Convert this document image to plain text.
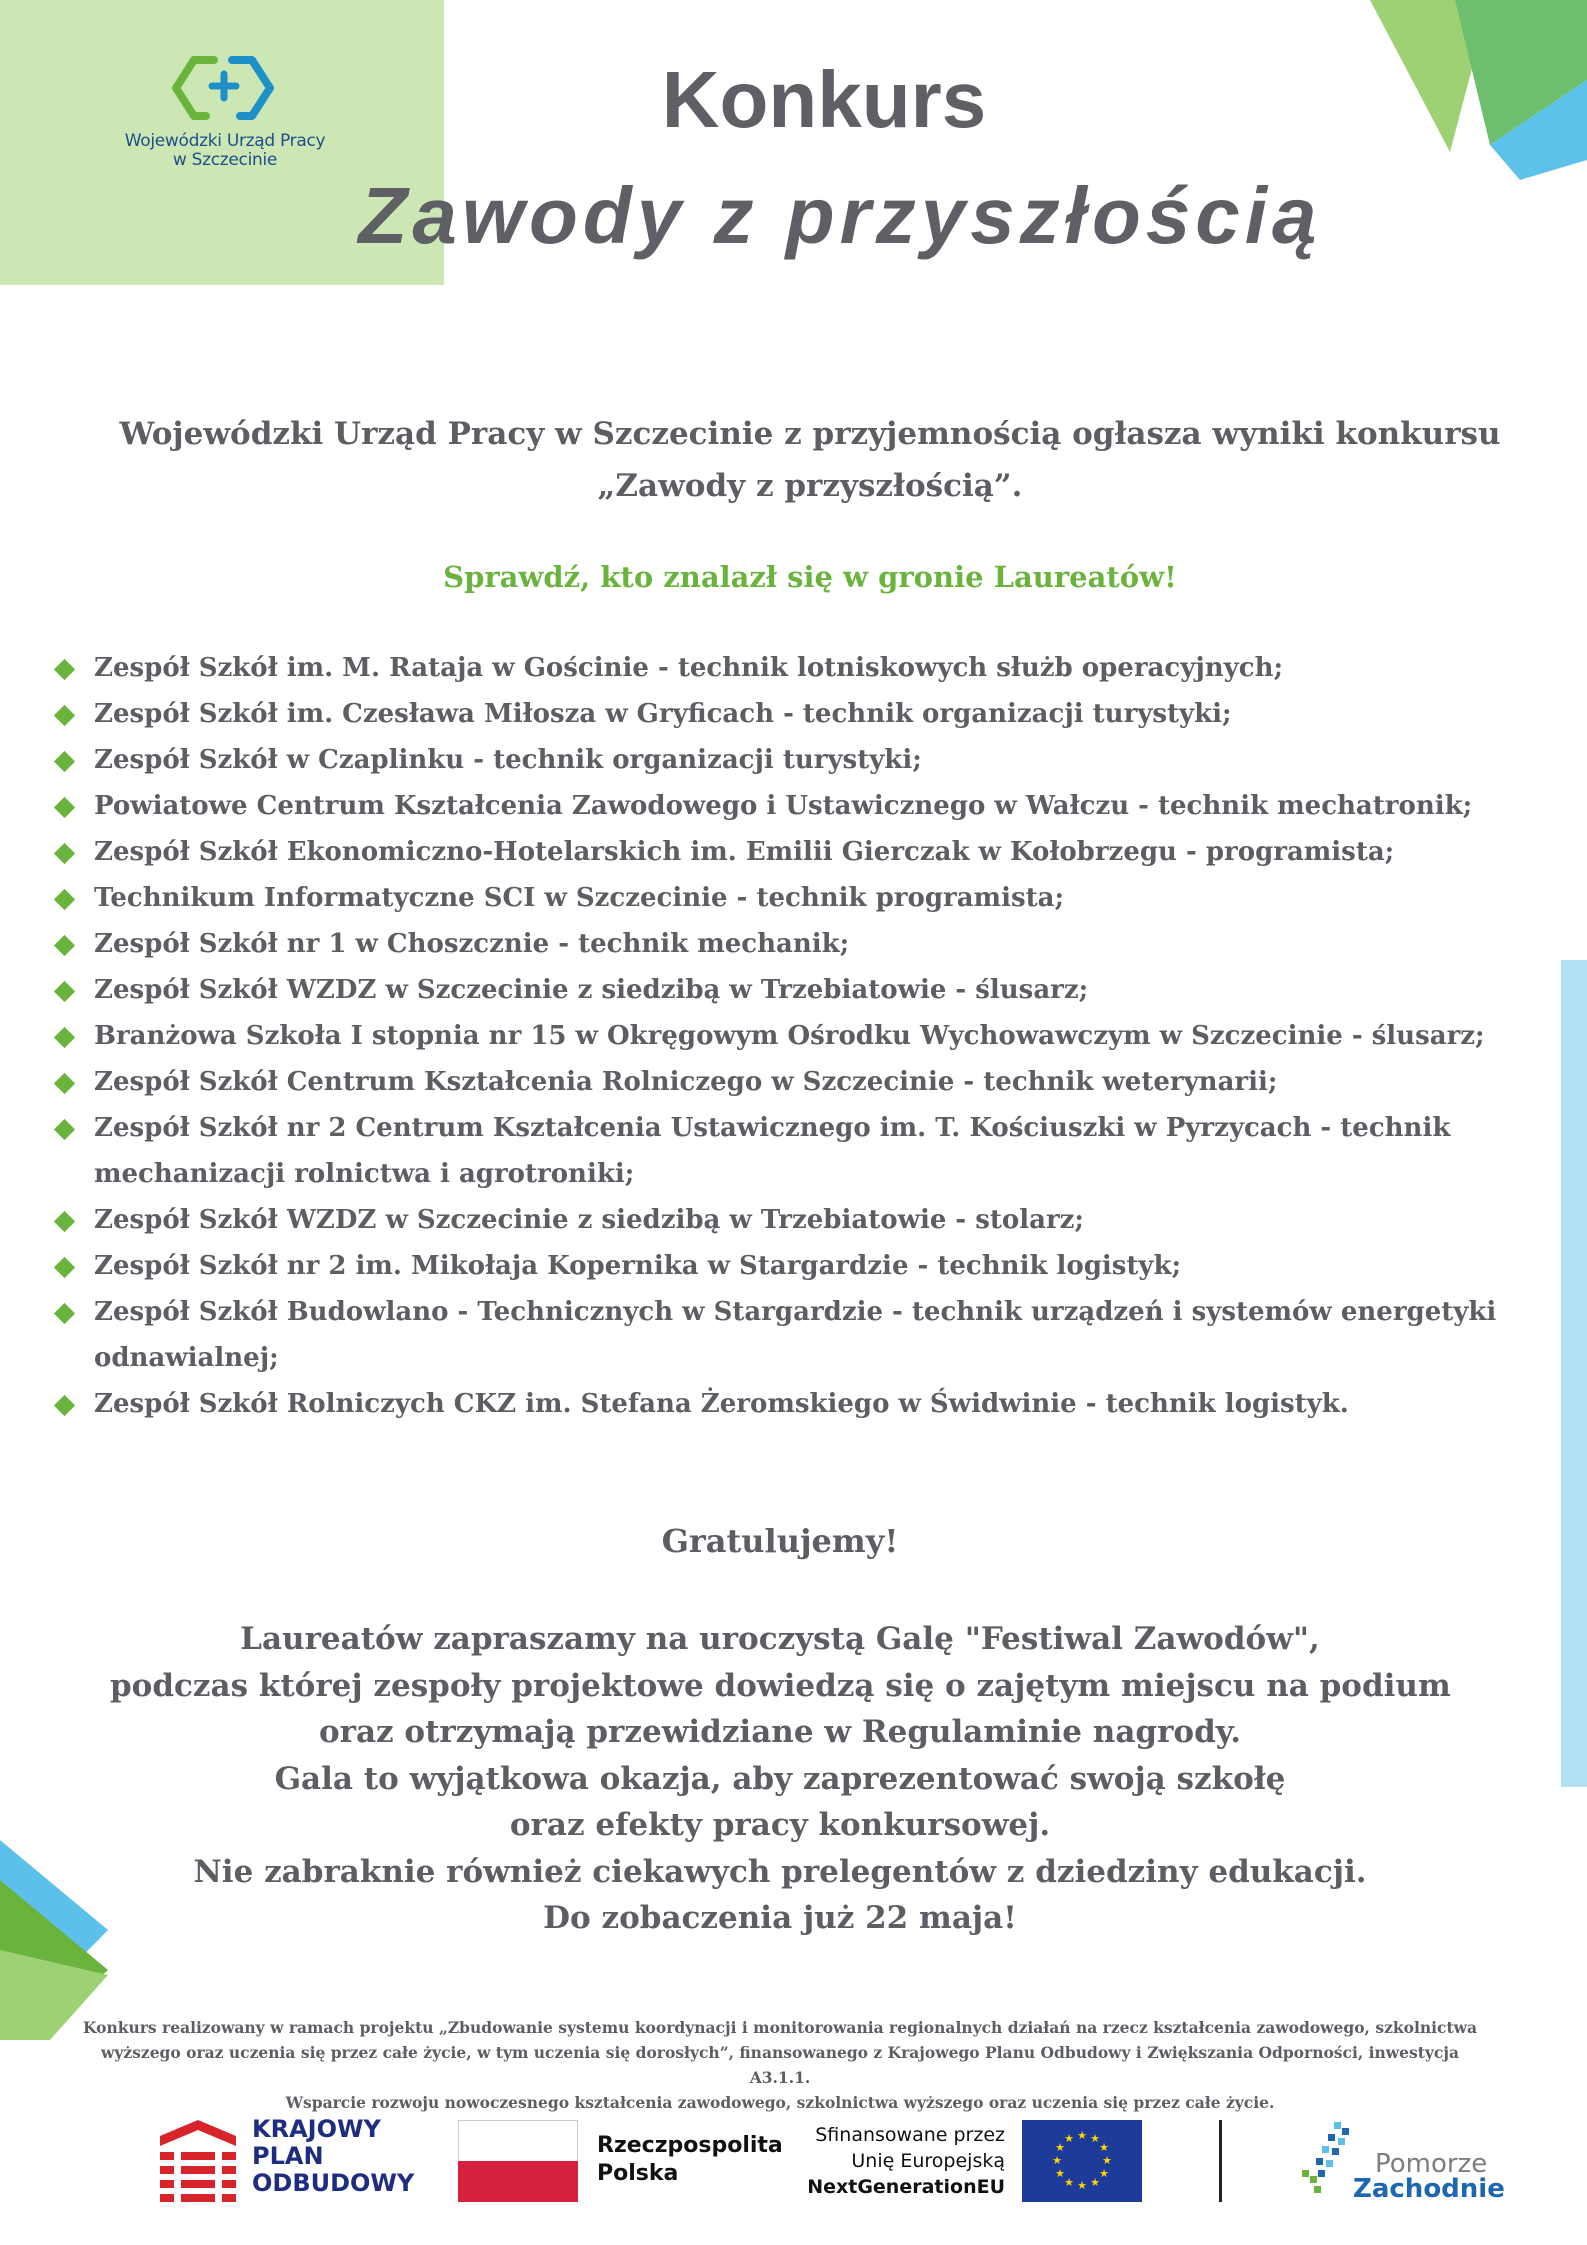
Wojewódzki Urząd Pracy
w Szczecinie
Konkurs
Zawody z przyszłością
Wojewódzki Urząd Pracy w Szczecinie z przyjemnością ogłasza wyniki konkursu
„Zawody z przyszłością”.
Sprawdź, kto znalazł się w gronie Laureatów!
Zespół Szkół im. M. Rataja w Gościnie - technik lotniskowych służb operacyjnych;
Zespół Szkół im. Czesława Miłosza w Gryficach - technik organizacji turystyki;
Zespół Szkół w Czaplinku - technik organizacji turystyki;
Powiatowe Centrum Kształcenia Zawodowego i Ustawicznego w Wałczu - technik mechatronik;
Zespół Szkół Ekonomiczno-Hotelarskich im. Emilii Gierczak w Kołobrzegu - programista;
Technikum Informatyczne SCI w Szczecinie - technik programista;
Zespół Szkół nr 1 w Choszcznie - technik mechanik;
Zespół Szkół WZDZ w Szczecinie z siedzibą w Trzebiatowie - ślusarz;
Branżowa Szkoła I stopnia nr 15 w Okręgowym Ośrodku Wychowawczym w Szczecinie - ślusarz;
Zespół Szkół Centrum Kształcenia Rolniczego w Szczecinie - technik weterynarii;
Zespół Szkół nr 2 Centrum Kształcenia Ustawicznego im. T. Kościuszki w Pyrzycach - technik mechanizacji rolnictwa i agrotroniki;
Zespół Szkół WZDZ w Szczecinie z siedzibą w Trzebiatowie - stolarz;
Zespół Szkół nr 2 im. Mikołaja Kopernika w Stargardzie - technik logistyk;
Zespół Szkół Budowlano - Technicznych w Stargardzie - technik urządzeń i systemów energetyki odnawialnej;
Zespół Szkół Rolniczych CKZ im. Stefana Żeromskiego w Świdwinie - technik logistyk.
Gratulujemy!
Laureatów zapraszamy na uroczystą Galę "Festiwal Zawodów",
podczas której zespoły projektowe dowiedzą się o zajętym miejscu na podium
oraz otrzymają przewidziane w Regulaminie nagrody.
Gala to wyjątkowa okazja, aby zaprezentować swoją szkołę
oraz efekty pracy konkursowej.
Nie zabraknie również ciekawych prelegentów z dziedziny edukacji.
Do zobaczenia już 22 maja!
Konkurs realizowany w ramach projektu „Zbudowanie systemu koordynacji i monitorowania regionalnych działań na rzecz kształcenia zawodowego, szkolnictwa
wyższego oraz uczenia się przez całe życie, w tym uczenia się dorosłych”, finansowanego z Krajowego Planu Odbudowy i Zwiększania Odporności, inwestycja A3.1.1.
Wsparcie rozwoju nowoczesnego kształcenia zawodowego, szkolnictwa wyższego oraz uczenia się przez całe życie.
KRAJOWY
PLAN
ODBUDOWY
Rzeczpospolita
Polska
Sfinansowane przez
Unię Europejską
NextGenerationEU
★ ★
★
★
★
★
★
★
★
★
★
★
Pomorze
Zachodnie
